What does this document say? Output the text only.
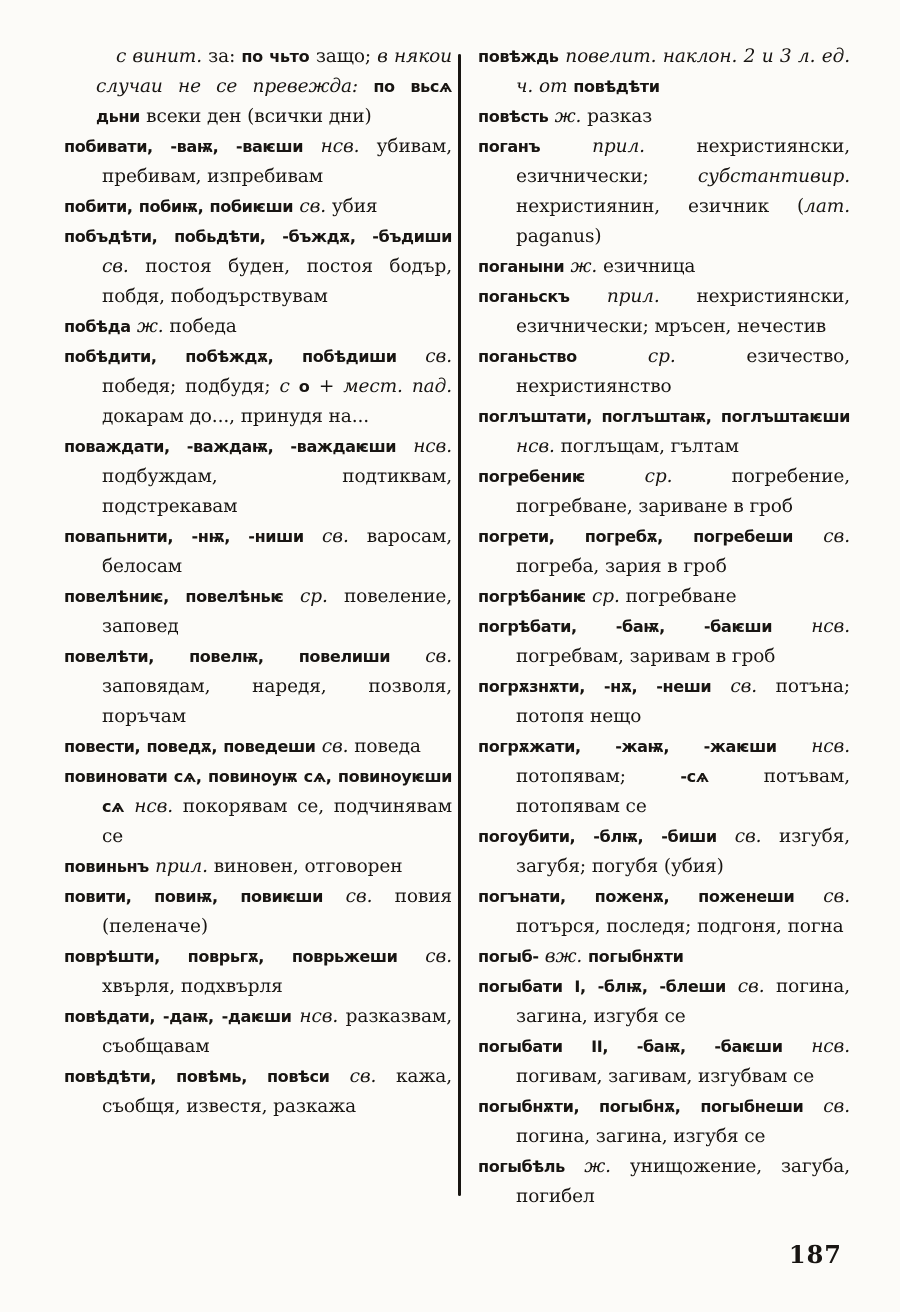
с винит. за: по чьто защо; в някои случаи не се превежда: по вьсѧ дьни всеки ден (всички дни)

побивати, -ваѭ, -ваѥши нсв. убивам, пребивам, изпребивам

побити, побиѭ, побиѥши св. убия

побъдѣти, побьдѣти, -бъждѫ, -бъдиши св. постоя буден, постоя бодър, побдя, пободърствувам

побѣда ж. победа

побѣдити, побѣждѫ, побѣдиши св. победя; подбудя; с о + мест. пад. докарам до..., принудя на...

поваждати, -важдаѭ, -важдаѥши нсв. подбуждам, подтиквам, подстрекавам

повапьнити, -нѭ, -ниши св. варосам, белосам

повелѣниѥ, повелѣньѥ ср. повеление, заповед

повелѣти, повелѭ, повелиши св. заповядам, наредя, позволя, поръчам

повести, поведѫ, поведеши св. поведа

повиновати сѧ, повиноуѭ сѧ, повиноуѥши сѧ нсв. покорявам се, подчинявам се

повиньнъ прил. виновен, отговорен

повити, повиѭ, повиѥши св. повия (пеленаче)

поврѣшти, поврьгѫ, поврьжеши св. хвърля, подхвърля

повѣдати, -даѭ, -даѥши нсв. разказвам, съобщавам

повѣдѣти, повѣмь, повѣси св. кажа, съобщя, известя, разкажа

повѣждь повелит. наклон. 2 и 3 л. ед. ч. от повѣдѣти

повѣсть ж. разказ

поганъ прил. нехристиянски, езичнически; субстантивир. нехристиянин, езичник (лат. paganus)

поганыни ж. езичница

поганьскъ прил. нехристиянски, езичнически; мръсен, нечестив

поганьство ср. езичество, нехристиянство

поглъштати, поглъштаѭ, поглъштаѥши нсв. поглъщам, гълтам

погребениѥ ср. погребение, погребване, зариване в гроб

погрети, погребѫ, погребеши св. погреба, зария в гроб

погрѣбаниѥ ср. погребване

погрѣбати, -баѭ, -баѥши нсв. погребвам, заривам в гроб

погрѫзнѫти, -нѫ, -неши св. потъна; потопя нещо

погрѫжати, -жаѭ, -жаѥши нсв. потопявам; -сѧ потъвам, потопявам се

погоубити, -блѭ, -биши св. изгубя, загубя; погубя (убия)

погънати, поженѫ, поженеши св. потърся, последя; подгоня, погна

погыб- вж. погыбнѫти

погыбати I, -блѭ, -блеши св. погина, загина, изгубя се

погыбати II, -баѭ, -баѥши нсв. погивам, загивам, изгубвам се

погыбнѫти, погыбнѫ, погыбнеши св. погина, загина, изгубя се

погыбѣль ж. унищожение, загуба, погибел

187
